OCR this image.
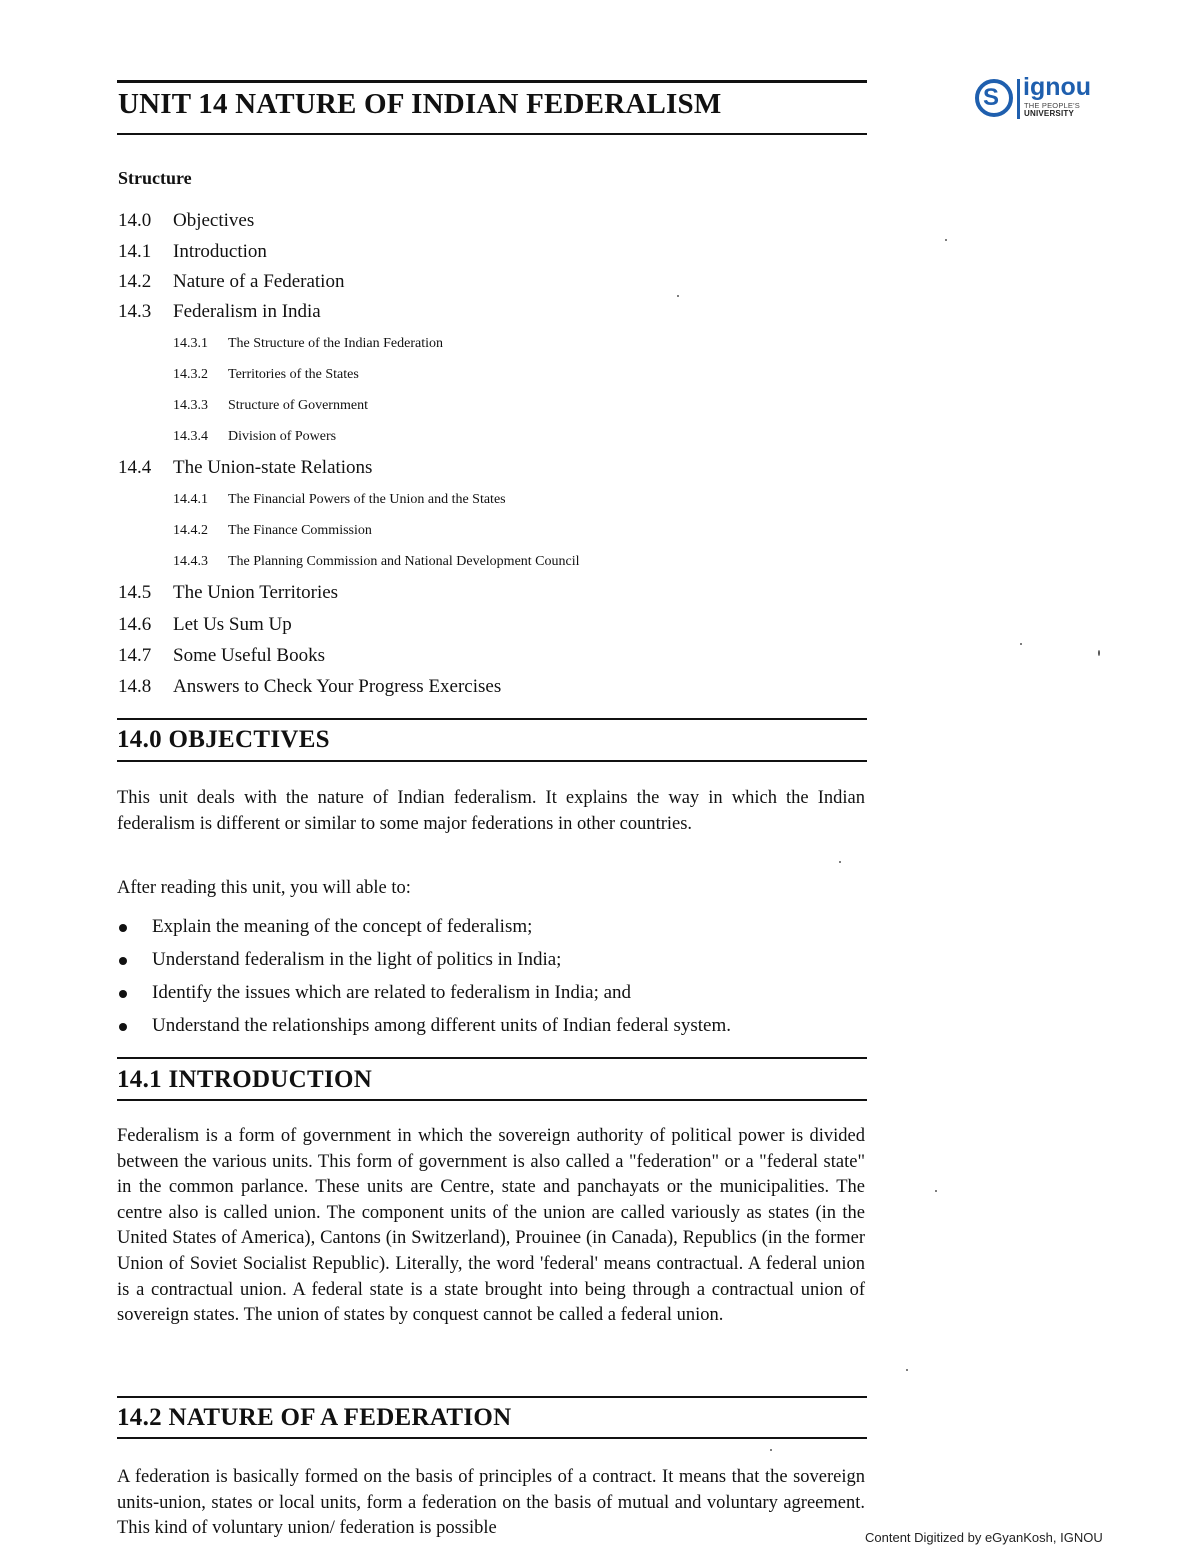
UNIT 14 NATURE OF INDIAN FEDERALISM	S ignou
THE PEOPLE'S
UNIVERSITY
Structure
14.0 Objectives
14.1 Introduction
14.2 Nature of a Federation
14.3 Federalism in India
14.3.1 The Structure of the Indian Federation
14.3.2 Territories of the States
14.3.3 Structure of Government
14.3.4 Division of Powers
14.4 The Union-state Relations
14.4.1 The Financial Powers of the Union and the States
14.4.2 The Finance Commission
14.4.3 The Planning Commission and National Development Council
14.5 The Union Territories
14.6 Let Us Sum Up
14.7 Some Useful Books
14.8 Answers to Check Your Progress Exercises
14.0 OBJECTIVES
This unit deals with the nature of Indian federalism. It explains the way in which the Indian federalism is different or similar to some major federations in other countries.
After reading this unit, you will able to:
Explain the meaning of the concept of federalism;
Understand federalism in the light of politics in India;
Identify the issues which are related to federalism in India; and
Understand the relationships among different units of Indian federal system.
14.1 INTRODUCTION
Federalism is a form of government in which the sovereign authority of political power is divided between the various units. This form of government is also called a "federation" or a "federal state" in the common parlance. These units are Centre, state and panchayats or the municipalities. The centre also is called union. The component units of the union are called variously as states (in the United States of America), Cantons (in Switzerland), Prouinee (in Canada), Republics (in the former Union of Soviet Socialist Republic). Literally, the word 'federal' means contractual. A federal union is a contractual union. A federal state is a state brought into being through a contractual union of sovereign states. The union of states by conquest cannot be called a federal union.
14.2 NATURE OF A FEDERATION
A federation is basically formed on the basis of principles of a contract. It means that the sovereign units-union, states or local units, form a federation on the basis of mutual and voluntary agreement. This kind of voluntary union/ federation is possible	Content Digitized by eGyanKosh, IGNOU
